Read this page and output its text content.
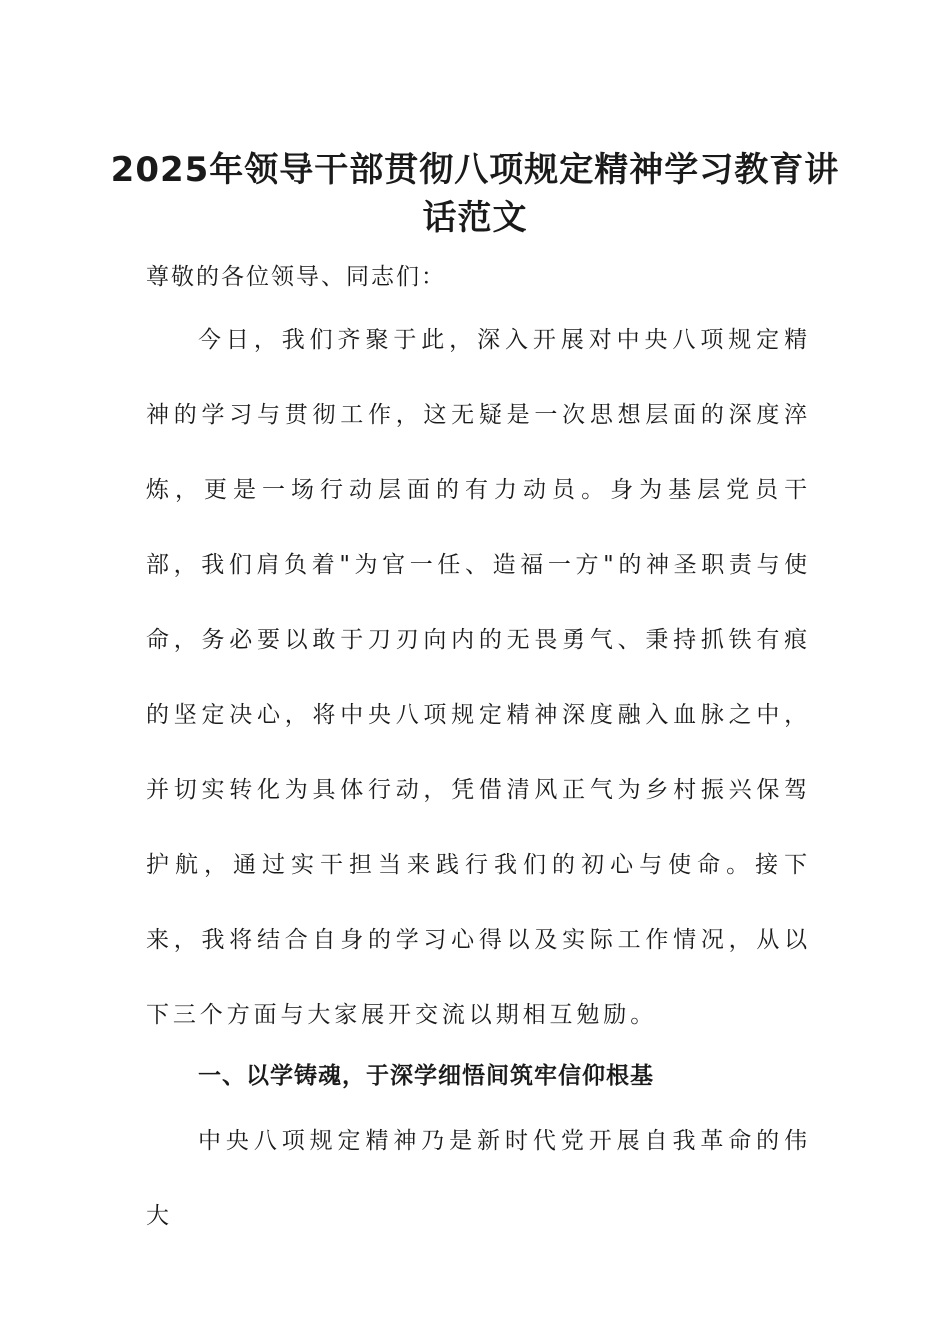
2025年领导干部贯彻八项规定精神学习教育讲话范文

尊敬的各位领导、同志们：

今日，我们齐聚于此，深入开展对中央八项规定精神的学习与贯彻工作，这无疑是一次思想层面的深度淬炼，更是一场行动层面的有力动员。身为基层党员干部，我们肩负着"为官一任、造福一方"的神圣职责与使命，务必要以敢于刀刃向内的无畏勇气、秉持抓铁有痕的坚定决心，将中央八项规定精神深度融入血脉之中，并切实转化为具体行动，凭借清风正气为乡村振兴保驾护航，通过实干担当来践行我们的初心与使命。接下来，我将结合自身的学习心得以及实际工作情况，从以下三个方面与大家展开交流以期相互勉励。

一、以学铸魂，于深学细悟间筑牢信仰根基

中央八项规定精神乃是新时代党开展自我革命的伟大
